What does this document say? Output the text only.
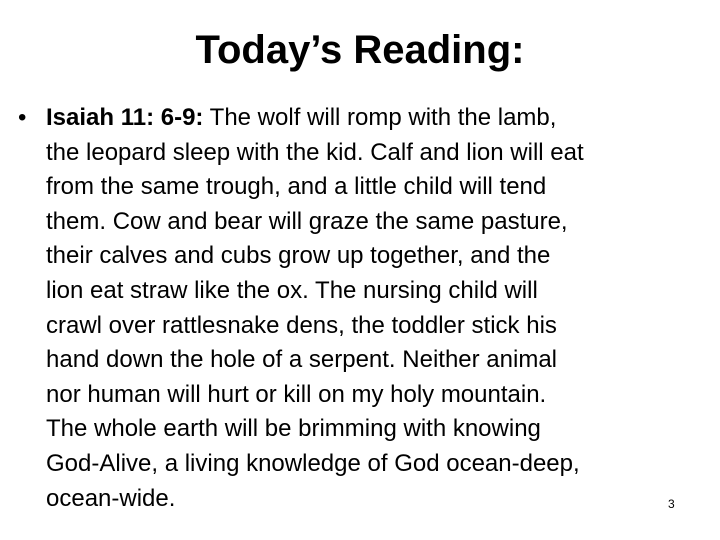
Today’s Reading:
• Isaiah 11: 6-9: The wolf will romp with the lamb,
the leopard sleep with the kid. Calf and lion will eat
from the same trough, and a little child will tend
them. Cow and bear will graze the same pasture,
their calves and cubs grow up together, and the
lion eat straw like the ox. The nursing child will
crawl over rattlesnake dens, the toddler stick his
hand down the hole of a serpent. Neither animal
nor human will hurt or kill on my holy mountain.
The whole earth will be brimming with knowing
God-Alive, a living knowledge of God ocean-deep,
ocean-wide.	3
